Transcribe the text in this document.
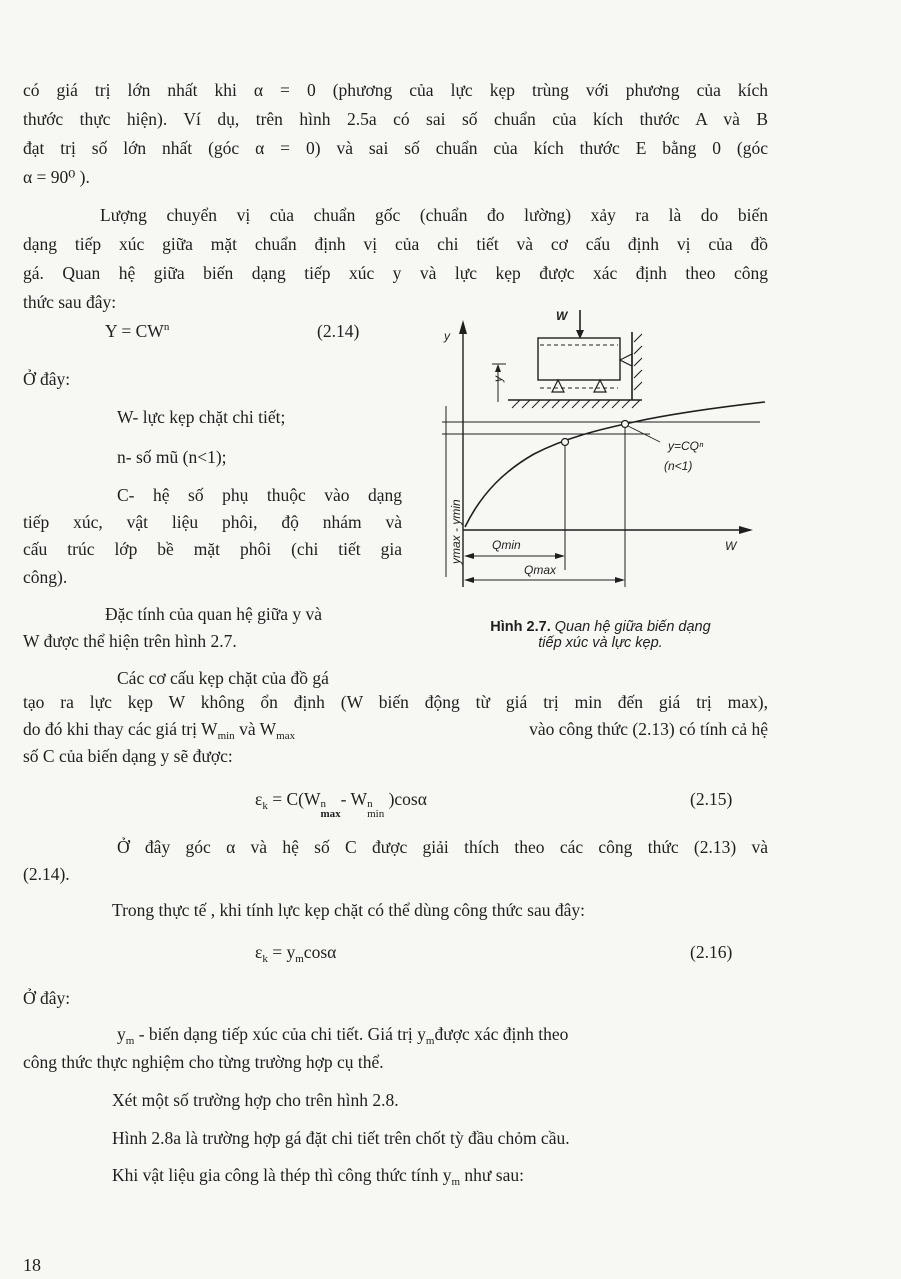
có giá trị lớn nhất khi α = 0 (phương của lực kẹp trùng với phương của kích
thước thực hiện). Ví dụ, trên hình 2.5a có sai số chuẩn của kích thước A và B
đạt trị số lớn nhất (góc α = 0) và sai số chuẩn của kích thước E bằng 0 (góc
α = 90⁰ ).
Lượng chuyển vị của chuẩn gốc (chuẩn đo lường) xảy ra là do biến
dạng tiếp xúc giữa mặt chuẩn định vị của chi tiết và cơ cấu định vị của đồ
gá. Quan hệ giữa biến dạng tiếp xúc y và lực kẹp được xác định theo công
thức sau đây:
$Y = CW^n$	(2.14)
Ở đây:
W- lực kẹp chặt chi tiết;
n- số mũ (n<1);
C- hệ số phụ thuộc vào dạng
tiếp xúc, vật liệu phôi, độ nhám và
cấu trúc lớp bề mặt phôi (chi tiết gia
công).
Đặc tính của quan hệ giữa y và
W được thể hiện trên hình 2.7.
Các cơ cấu kẹp chặt của đồ gá
y
W
W
y
ymax - ymin Qmin
Qmax
y=CQⁿ
(n<1)
Hình 2.7. Quan hệ giữa biến dạng
tiếp xúc và lực kẹp.
tạo ra lực kẹp W không ổn định (W biến động từ giá trị min đến giá trị max),
do đó khi thay các giá trị $W_{min}$ và $W_{max}$	vào công thức (2.13) có tính cả hệ
số C của biến dạng y sẽ được:
$\varepsilon_k = C(W$ n
max
- W n
min
)cosα	(2.15)
Ở đây góc α và hệ số C được giải thích theo các công thức (2.13) và
(2.14).
Trong thực tế , khi tính lực kẹp chặt có thể dùng công thức sau đây:
$\varepsilon_k = y_m\cos\alpha$	(2.16)
Ở đây:
$y_m$ - biến dạng tiếp xúc của chi tiết. Giá trị $y_mđược$ xác định theo
công thức thực nghiệm cho từng trường hợp cụ thể.
Xét một số trường hợp cho trên hình 2.8.
Hình 2.8a là trường hợp gá đặt chi tiết trên chốt tỳ đầu chỏm cầu.
Khi vật liệu gia công là thép thì công thức tính $y_m$ như sau:
18
